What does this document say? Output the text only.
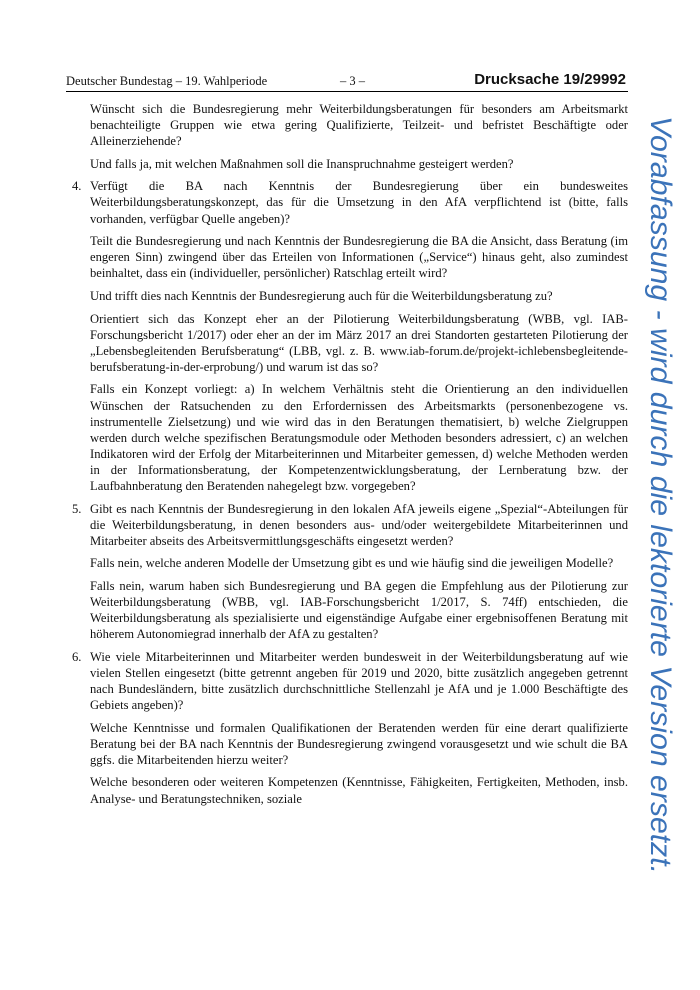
Deutscher Bundestag – 19. Wahlperiode	– 3 –	Drucksache 19/29992

Wünscht sich die Bundesregierung mehr Weiterbildungsberatungen für besonders am Arbeitsmarkt benachteiligte Gruppen wie etwa gering Qualifizierte, Teilzeit- und befristet Beschäftigte oder Alleinerziehende?

Und falls ja, mit welchen Maßnahmen soll die Inanspruchnahme gesteigert werden?

4. Verfügt die BA nach Kenntnis der Bundesregierung über ein bundesweites Weiterbildungsberatungskonzept, das für die Umsetzung in den AfA verpflichtend ist (bitte, falls vorhanden, verfügbar Quelle angeben)?

Teilt die Bundesregierung und nach Kenntnis der Bundesregierung die BA die Ansicht, dass Beratung (im engeren Sinn) zwingend über das Erteilen von Informationen („Service“) hinaus geht, also zumindest beinhaltet, dass ein (individueller, persönlicher) Ratschlag erteilt wird?

Und trifft dies nach Kenntnis der Bundesregierung auch für die Weiterbildungsberatung zu?

Orientiert sich das Konzept eher an der Pilotierung Weiterbildungsberatung (WBB, vgl. IAB-Forschungsbericht 1/2017) oder eher an der im März 2017 an drei Standorten gestarteten Pilotierung der „Lebensbegleitenden Berufsberatung“ (LBB, vgl. z. B. www.iab-forum.de/projekt-ichlebensbegleitende-berufsberatung-in-der-erprobung/) und warum ist das so?

Falls ein Konzept vorliegt: a) In welchem Verhältnis steht die Orientierung an den individuellen Wünschen der Ratsuchenden zu den Erfordernissen des Arbeitsmarkts (personenbezogene vs. instrumentelle Zielsetzung) und wie wird das in den Beratungen thematisiert, b) welche Zielgruppen werden durch welche spezifischen Beratungsmodule oder Methoden besonders adressiert, c) an welchen Indikatoren wird der Erfolg der Mitarbeiterinnen und Mitarbeiter gemessen, d) welche Methoden werden in der Informationsberatung, der Kompetenzentwicklungsberatung, der Lernberatung bzw. der Laufbahnberatung den Beratenden nahegelegt bzw. vorgegeben?

5. Gibt es nach Kenntnis der Bundesregierung in den lokalen AfA jeweils eigene „Spezial“-Abteilungen für die Weiterbildungsberatung, in denen besonders aus- und/oder weitergebildete Mitarbeiterinnen und Mitarbeiter abseits des Arbeitsvermittlungsgeschäfts eingesetzt werden?

Falls nein, welche anderen Modelle der Umsetzung gibt es und wie häufig sind die jeweiligen Modelle?

Falls nein, warum haben sich Bundesregierung und BA gegen die Empfehlung aus der Pilotierung zur Weiterbildungsberatung (WBB, vgl. IAB-Forschungsbericht 1/2017, S. 74ff) entschieden, die Weiterbildungsberatung als spezialisierte und eigenständige Aufgabe einer ergebnisoffenen Beratung mit höherem Autonomiegrad innerhalb der AfA zu gestalten?

6. Wie viele Mitarbeiterinnen und Mitarbeiter werden bundesweit in der Weiterbildungsberatung auf wie vielen Stellen eingesetzt (bitte getrennt angeben für 2019 und 2020, bitte zusätzlich angegeben getrennt nach Bundesländern, bitte zusätzlich durchschnittliche Stellenzahl je AfA und je 1.000 Beschäftigte des Gebiets angeben)?

Welche Kenntnisse und formalen Qualifikationen der Beratenden werden für eine derart qualifizierte Beratung bei der BA nach Kenntnis der Bundesregierung zwingend vorausgesetzt und wie schult die BA ggfs. die Mitarbeitenden hierzu weiter?

Welche besonderen oder weiteren Kompetenzen (Kenntnisse, Fähigkeiten, Fertigkeiten, Methoden, insb. Analyse- und Beratungstechniken, soziale	Vorabfassung - wird durch die lektorierte Version ersetzt.
